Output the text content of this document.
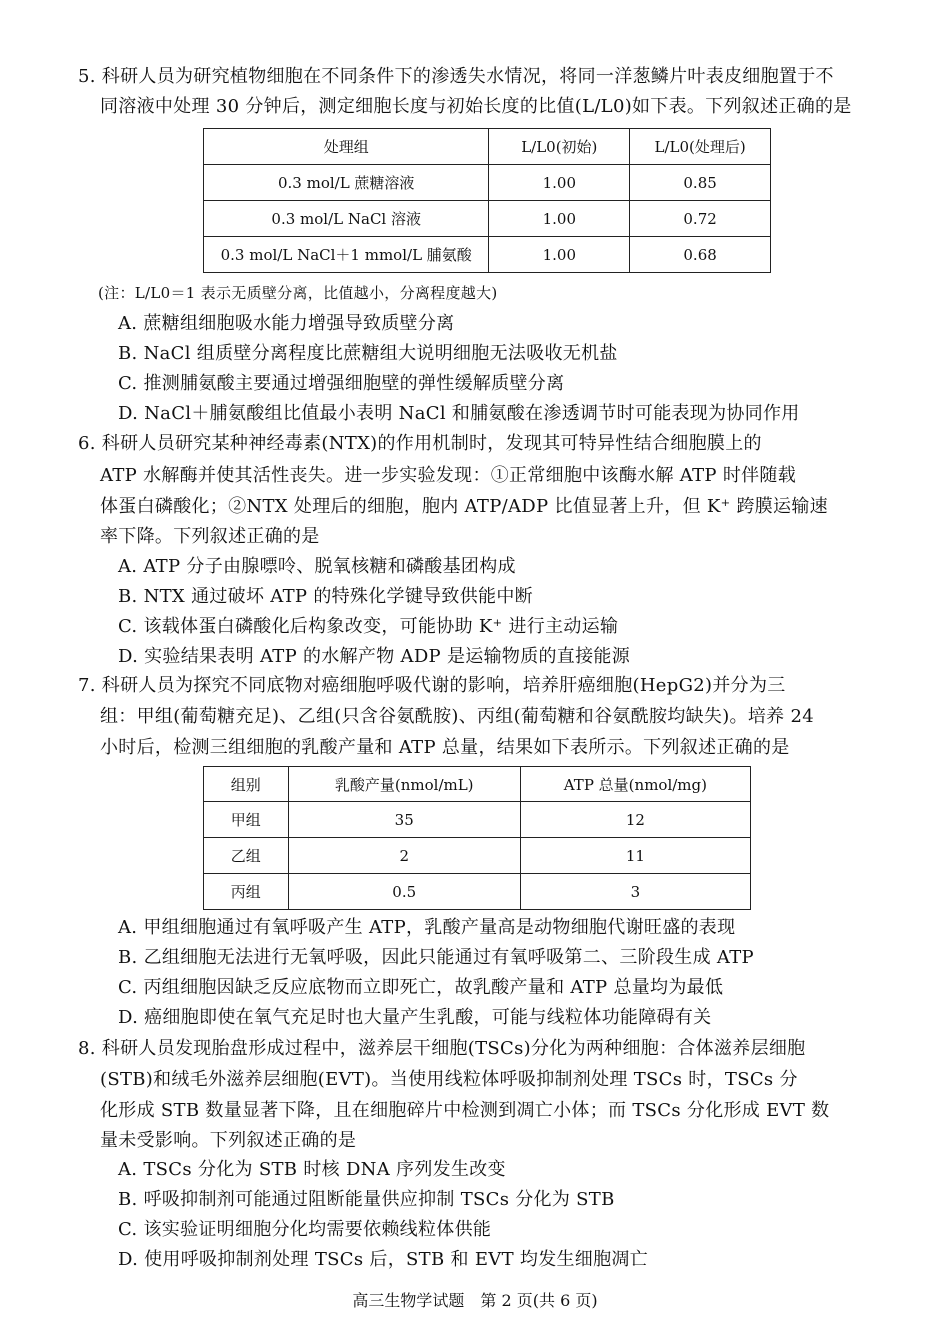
5. 科研人员为研究植物细胞在不同条件下的渗透失水情况，将同一洋葱鳞片叶表皮细胞置于不
同溶液中处理 30 分钟后，测定细胞长度与初始长度的比值(L/L0)如下表。下列叙述正确的是
处理组	L/L0(初始)	L/L0(处理后)
0.3 mol/L 蔗糖溶液	1.00	0.85
0.3 mol/L NaCl 溶液	1.00	0.72
0.3 mol/L NaCl＋1 mmol/L 脯氨酸	1.00	0.68
(注：L/L0＝1 表示无质壁分离，比值越小，分离程度越大)
A. 蔗糖组细胞吸水能力增强导致质壁分离
B. NaCl 组质壁分离程度比蔗糖组大说明细胞无法吸收无机盐
C. 推测脯氨酸主要通过增强细胞壁的弹性缓解质壁分离
D. NaCl＋脯氨酸组比值最小表明 NaCl 和脯氨酸在渗透调节时可能表现为协同作用
6. 科研人员研究某种神经毒素(NTX)的作用机制时，发现其可特异性结合细胞膜上的
ATP 水解酶并使其活性丧失。进一步实验发现：①正常细胞中该酶水解 ATP 时伴随载
体蛋白磷酸化；②NTX 处理后的细胞，胞内 ATP/ADP 比值显著上升，但 K⁺ 跨膜运输速
率下降。下列叙述正确的是
A. ATP 分子由腺嘌呤、脱氧核糖和磷酸基团构成
B. NTX 通过破坏 ATP 的特殊化学键导致供能中断
C. 该载体蛋白磷酸化后构象改变，可能协助 K⁺ 进行主动运输
D. 实验结果表明 ATP 的水解产物 ADP 是运输物质的直接能源
7. 科研人员为探究不同底物对癌细胞呼吸代谢的影响，培养肝癌细胞(HepG2)并分为三
组：甲组(葡萄糖充足)、乙组(只含谷氨酰胺)、丙组(葡萄糖和谷氨酰胺均缺失)。培养 24
小时后，检测三组细胞的乳酸产量和 ATP 总量，结果如下表所示。下列叙述正确的是
组别	乳酸产量(nmol/mL)	ATP 总量(nmol/mg)
甲组	35	12
乙组	2	11
丙组	0.5	3
A. 甲组细胞通过有氧呼吸产生 ATP，乳酸产量高是动物细胞代谢旺盛的表现
B. 乙组细胞无法进行无氧呼吸，因此只能通过有氧呼吸第二、三阶段生成 ATP
C. 丙组细胞因缺乏反应底物而立即死亡，故乳酸产量和 ATP 总量均为最低
D. 癌细胞即使在氧气充足时也大量产生乳酸，可能与线粒体功能障碍有关
8. 科研人员发现胎盘形成过程中，滋养层干细胞(TSCs)分化为两种细胞：合体滋养层细胞
(STB)和绒毛外滋养层细胞(EVT)。当使用线粒体呼吸抑制剂处理 TSCs 时，TSCs 分
化形成 STB 数量显著下降，且在细胞碎片中检测到凋亡小体；而 TSCs 分化形成 EVT 数
量未受影响。下列叙述正确的是
A. TSCs 分化为 STB 时核 DNA 序列发生改变
B. 呼吸抑制剂可能通过阻断能量供应抑制 TSCs 分化为 STB
C. 该实验证明细胞分化均需要依赖线粒体供能
D. 使用呼吸抑制剂处理 TSCs 后，STB 和 EVT 均发生细胞凋亡
高三生物学试题　第 2 页(共 6 页)
